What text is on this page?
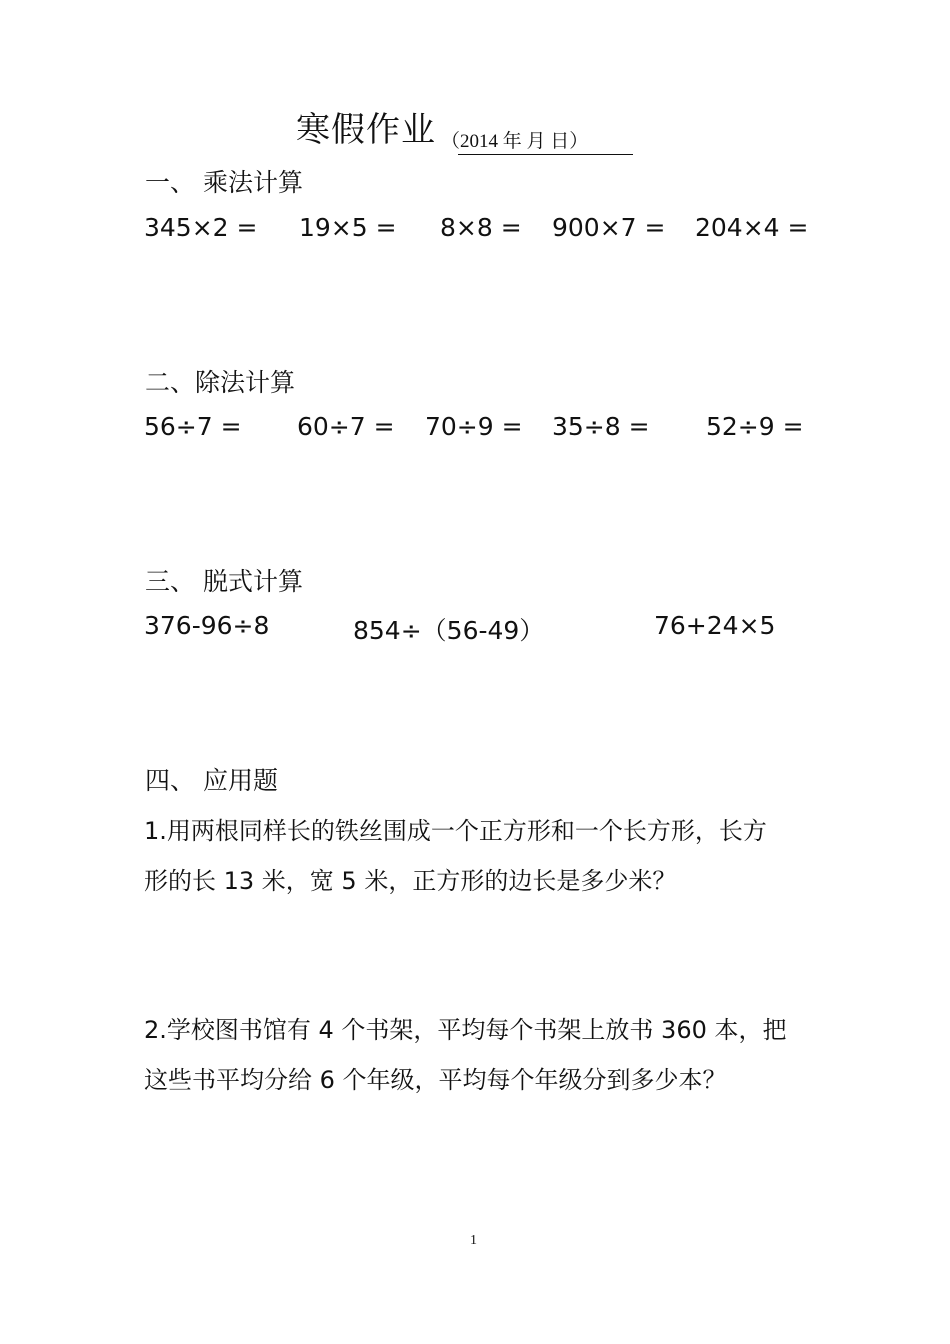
寒假作业 （2014 年 月 日）
一、 乘法计算
345×2 = 19×5 = 8×8 = 900×7 = 204×4 =
二、除法计算
56÷7 = 60÷7 = 70÷9 = 35÷8 = 52÷9 =
三、 脱式计算
376-96÷8	854÷（56-49）	76+24×5
四、 应用题
1.用两根同样长的铁丝围成一个正方形和一个长方形，长方
形的长 13 米，宽 5 米，正方形的边长是多少米？
2.学校图书馆有 4 个书架，平均每个书架上放书 360 本，把
这些书平均分给 6 个年级，平均每个年级分到多少本？
1
